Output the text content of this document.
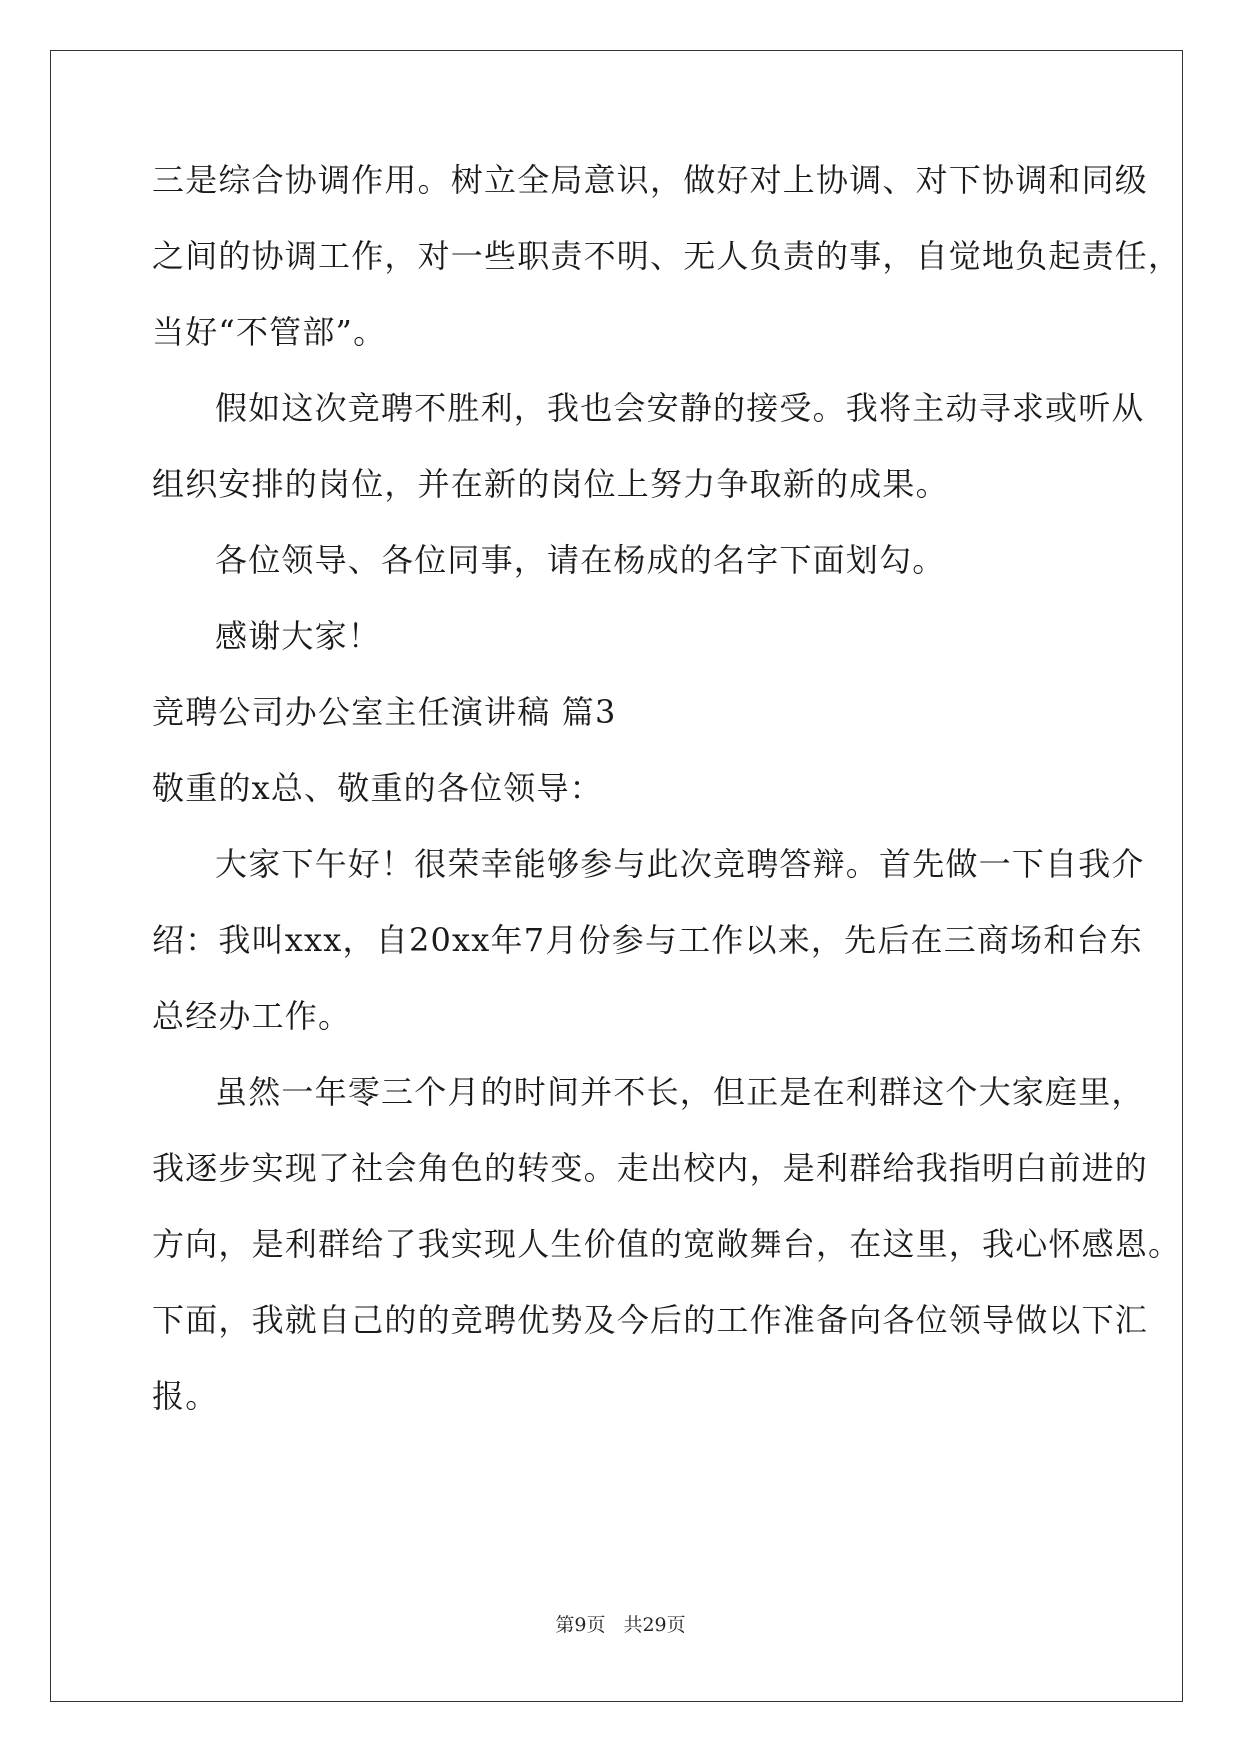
三是综合协调作用。树立全局意识，做好对上协调、对下协调和同级
之间的协调工作，对一些职责不明、无人负责的事，自觉地负起责任，
当好“不管部”。
假如这次竞聘不胜利，我也会安静的接受。我将主动寻求或听从
组织安排的岗位，并在新的岗位上努力争取新的成果。
各位领导、各位同事，请在杨成的名字下面划勾。
感谢大家！
竞聘公司办公室主任演讲稿 篇3
敬重的x总、敬重的各位领导：
大家下午好！很荣幸能够参与此次竞聘答辩。首先做一下自我介
绍：我叫xxx，自20xx年7月份参与工作以来，先后在三商场和台东
总经办工作。
虽然一年零三个月的时间并不长，但正是在利群这个大家庭里，
我逐步实现了社会角色的转变。走出校内，是利群给我指明白前进的
方向，是利群给了我实现人生价值的宽敞舞台，在这里，我心怀感恩。
下面，我就自己的的竞聘优势及今后的工作准备向各位领导做以下汇
报。
第9页 共29页
